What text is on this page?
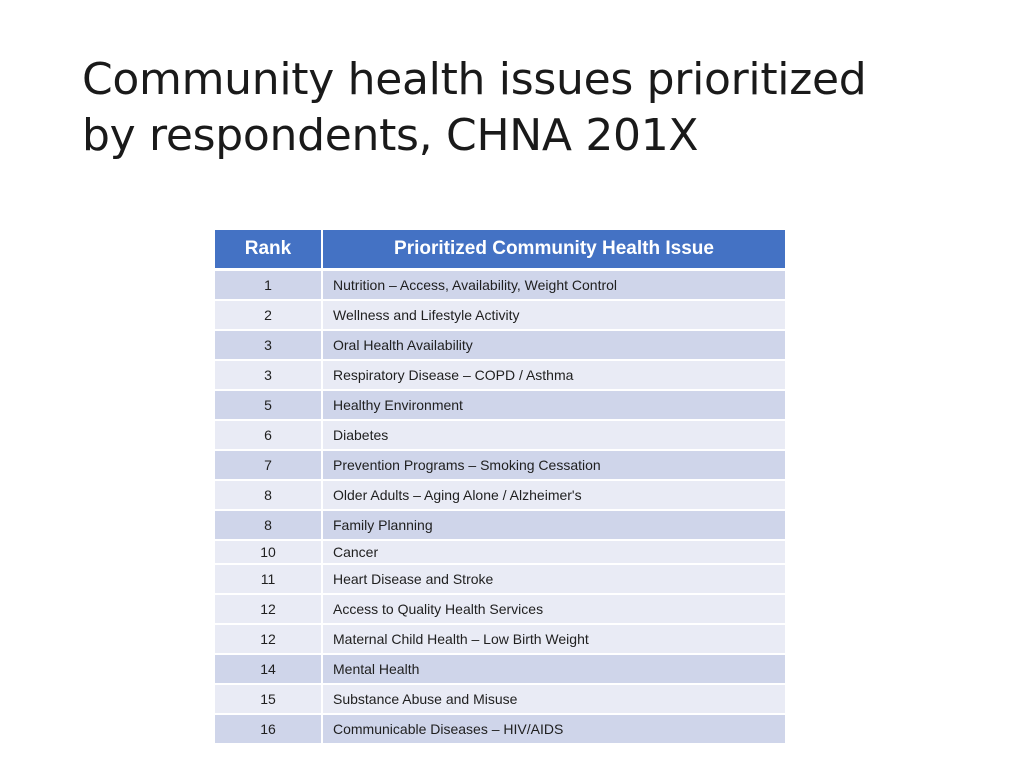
Community health issues prioritized
by respondents, CHNA 201X
Rank	Prioritized Community Health Issue
1	Nutrition – Access, Availability, Weight Control
2	Wellness and Lifestyle Activity
3	Oral Health Availability
3	Respiratory Disease – COPD / Asthma
5	Healthy Environment
6	Diabetes
7	Prevention Programs – Smoking Cessation
8	Older Adults – Aging Alone / Alzheimer's
8	Family Planning
10	Cancer
11	Heart Disease and Stroke
12	Access to Quality Health Services
12	Maternal Child Health – Low Birth Weight
14	Mental Health
15	Substance Abuse and Misuse
16	Communicable Diseases – HIV/AIDS
